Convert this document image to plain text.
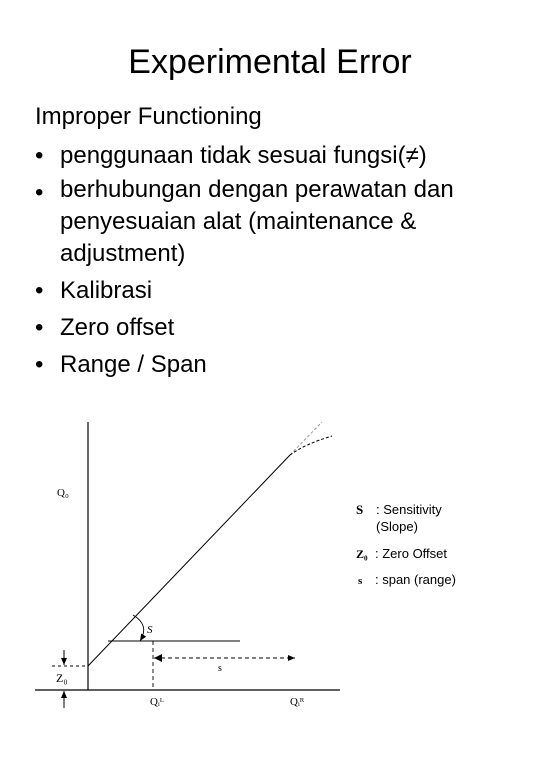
Experimental Error
Improper Functioning
• penggunaan tidak sesuai fungsi(≠)
• berhubungan dengan perawatan dan penyesuaian alat (maintenance & adjustment)
• Kalibrasi
• Zero offset
• Range / Span
S
Z₀
s
Q₀
Qᵢᴸ	Qᵢᴿ
S : Sensitivity
(Slope)
Z₀ : Zero Offset
s : span (range)
